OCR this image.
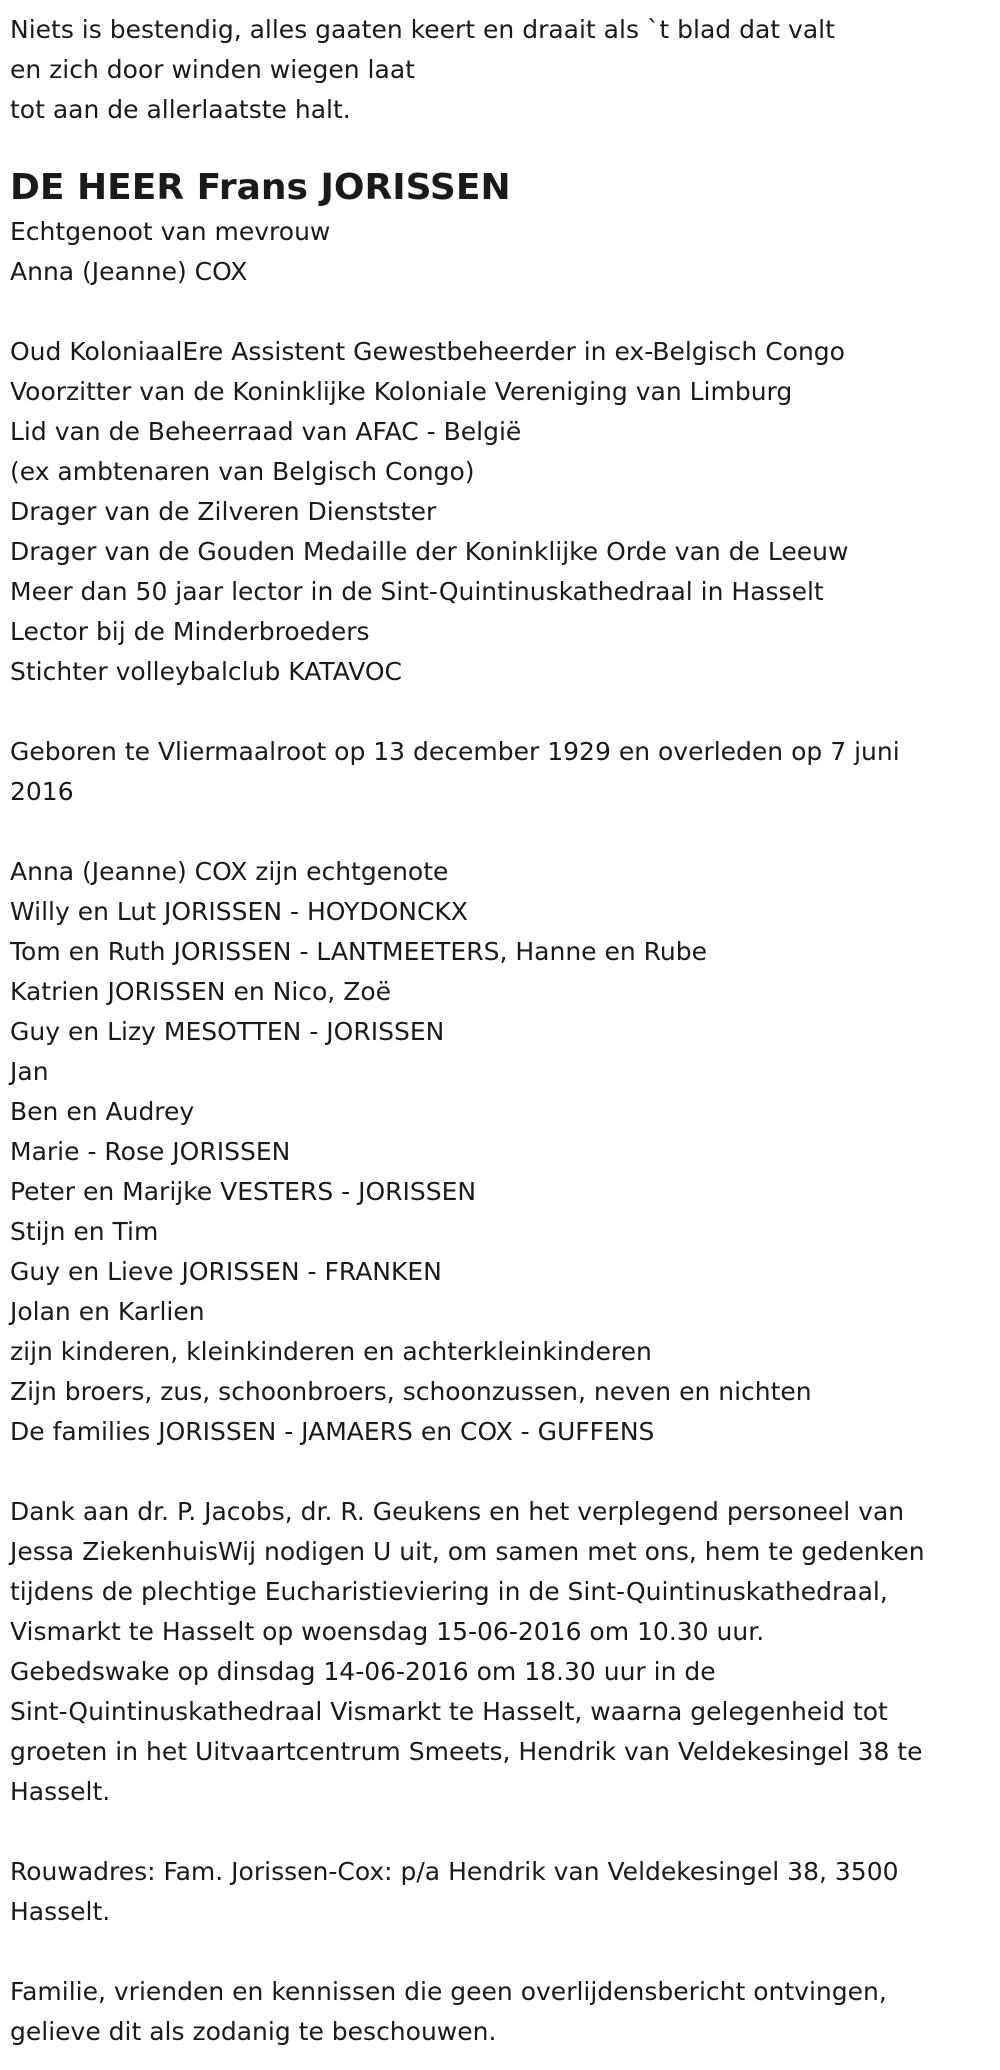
Niets is bestendig, alles gaaten keert en draait als `t blad dat valt
en zich door winden wiegen laat
tot aan de allerlaatste halt.
DE HEER Frans JORISSEN
Echtgenoot van mevrouw
Anna (Jeanne) COX
Oud KoloniaalEre Assistent Gewestbeheerder in ex-Belgisch Congo
Voorzitter van de Koninklijke Koloniale Vereniging van Limburg
Lid van de Beheerraad van AFAC - België
(ex ambtenaren van Belgisch Congo)
Drager van de Zilveren Dienstster
Drager van de Gouden Medaille der Koninklijke Orde van de Leeuw
Meer dan 50 jaar lector in de Sint-Quintinuskathedraal in Hasselt
Lector bij de Minderbroeders
Stichter volleybalclub KATAVOC
Geboren te Vliermaalroot op 13 december 1929 en overleden op 7 juni
2016
Anna (Jeanne) COX zijn echtgenote
Willy en Lut JORISSEN - HOYDONCKX
Tom en Ruth JORISSEN - LANTMEETERS, Hanne en Rube
Katrien JORISSEN en Nico, Zoë
Guy en Lizy MESOTTEN - JORISSEN
Jan
Ben en Audrey
Marie - Rose JORISSEN
Peter en Marijke VESTERS - JORISSEN
Stijn en Tim
Guy en Lieve JORISSEN - FRANKEN
Jolan en Karlien
zijn kinderen, kleinkinderen en achterkleinkinderen
Zijn broers, zus, schoonbroers, schoonzussen, neven en nichten
De families JORISSEN - JAMAERS en COX - GUFFENS
Dank aan dr. P. Jacobs, dr. R. Geukens en het verplegend personeel van
Jessa ZiekenhuisWij nodigen U uit, om samen met ons, hem te gedenken
tijdens de plechtige Eucharistieviering in de Sint-Quintinuskathedraal,
Vismarkt te Hasselt op woensdag 15-06-2016 om 10.30 uur.
Gebedswake op dinsdag 14-06-2016 om 18.30 uur in de
Sint-Quintinuskathedraal Vismarkt te Hasselt, waarna gelegenheid tot
groeten in het Uitvaartcentrum Smeets, Hendrik van Veldekesingel 38 te
Hasselt.
Rouwadres: Fam. Jorissen-Cox: p/a Hendrik van Veldekesingel 38, 3500
Hasselt.
Familie, vrienden en kennissen die geen overlijdensbericht ontvingen,
gelieve dit als zodanig te beschouwen.
